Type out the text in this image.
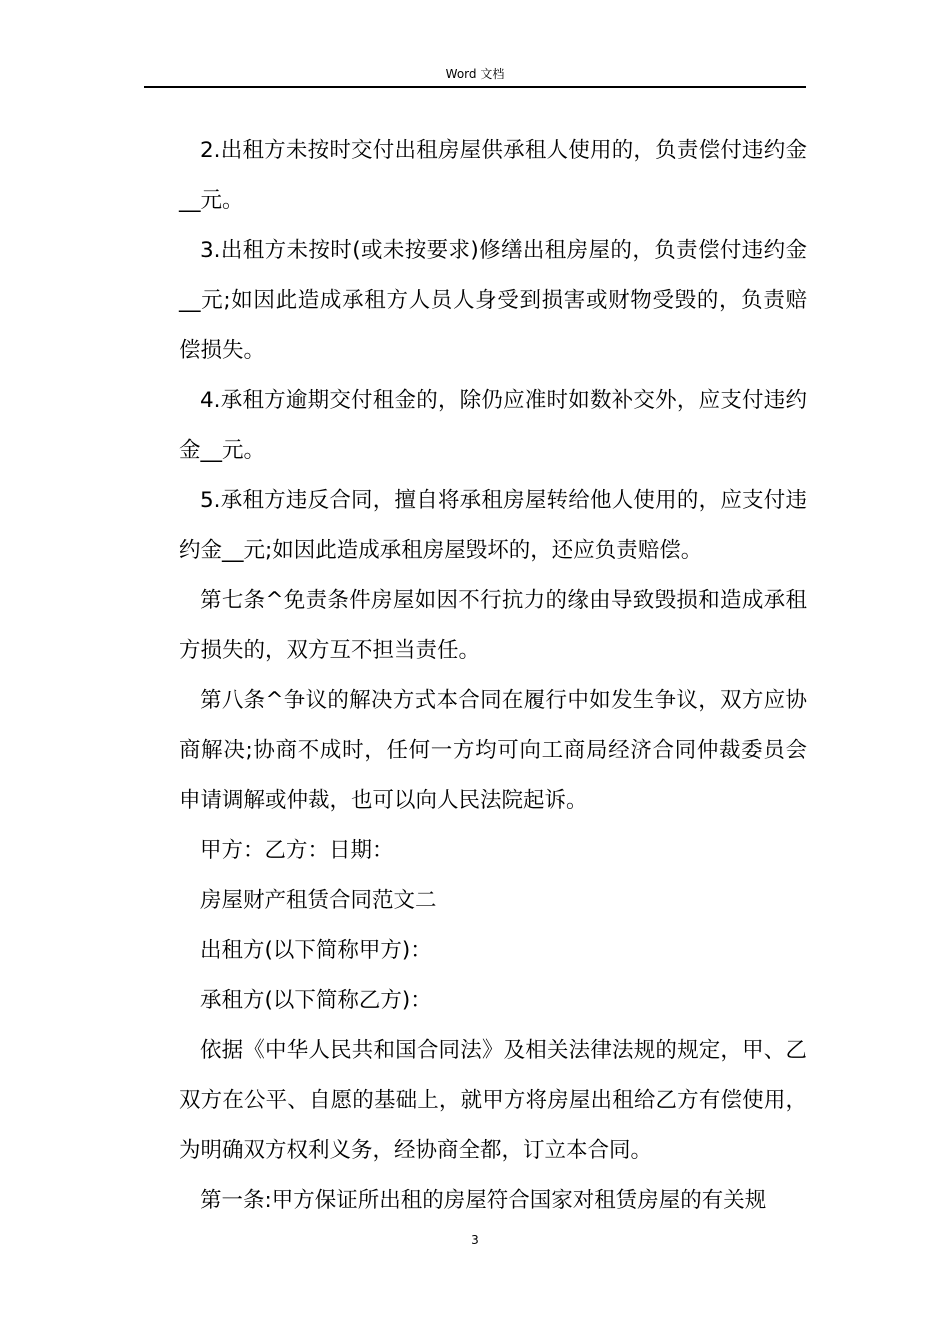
Word 文档

2.出租方未按时交付出租房屋供承租人使用的，负责偿付违约金__元。

3.出租方未按时(或未按要求)修缮出租房屋的，负责偿付违约金__元;如因此造成承租方人员人身受到损害或财物受毁的，负责赔偿损失。

4.承租方逾期交付租金的，除仍应准时如数补交外，应支付违约金__元。

5.承租方违反合同，擅自将承租房屋转给他人使用的，应支付违约金__元;如因此造成承租房屋毁坏的，还应负责赔偿。

第七条^免责条件房屋如因不行抗力的缘由导致毁损和造成承租方损失的，双方互不担当责任。

第八条^争议的解决方式本合同在履行中如发生争议，双方应协商解决;协商不成时，任何一方均可向工商局经济合同仲裁委员会申请调解或仲裁，也可以向人民法院起诉。

甲方：乙方：日期：

房屋财产租赁合同范文二

出租方(以下简称甲方)：

承租方(以下简称乙方)：

依据《中华人民共和国合同法》及相关法律法规的规定，甲、乙双方在公平、自愿的基础上，就甲方将房屋出租给乙方有偿使用，为明确双方权利义务，经协商全都，订立本合同。

第一条:甲方保证所出租的房屋符合国家对租赁房屋的有关规

3
